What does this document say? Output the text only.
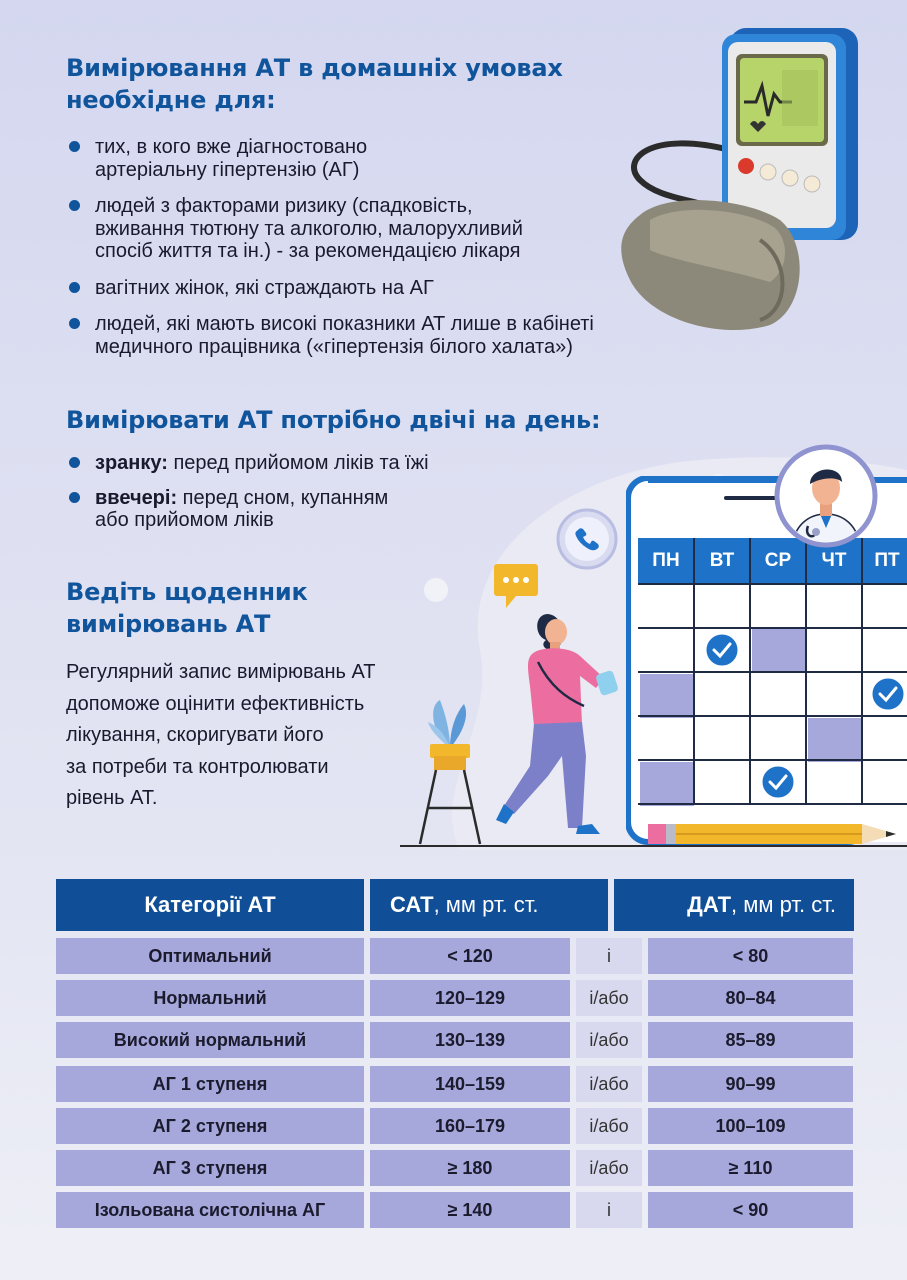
Вимірювання АТ в домашніх умовах
необхідне для:
тих, в кого вже діагностовано
артеріальну гіпертензію (АГ)
людей з факторами ризику (спадковість,
вживання тютюну та алкоголю, малорухливий
спосіб життя та ін.) - за рекомендацією лікаря
вагітних жінок, які страждають на АГ
людей, які мають високі показники АТ лише в кабінеті
медичного працівника («гіпертензія білого халата»)
Вимірювати АТ потрібно двічі на день:
зранку: перед прийомом ліків та їжі
ввечері: перед сном, купанням
або прийомом ліків
Ведіть щоденник
вимірювань АТ
Регулярний запис вимірювань АТ
допоможе оцінити ефективність
лікування, скоригувати його
за потреби та контролювати
рівень АТ.
ПН	ВТ	СР	ЧТ	ПТ
Категорії АТ	САТ , мм рт. ст.	ДАТ , мм рт. ст.
Оптимальний	< 120	і	< 80
Нормальний	120–129	і/або	80–84
Високий нормальний	130–139	і/або	85–89
АГ 1 ступеня	140–159	і/або	90–99
АГ 2 ступеня	160–179	і/або	100–109
АГ 3 ступеня	≥ 180	і/або	≥ 110
Ізольована систолічна АГ	≥ 140	і	< 90
